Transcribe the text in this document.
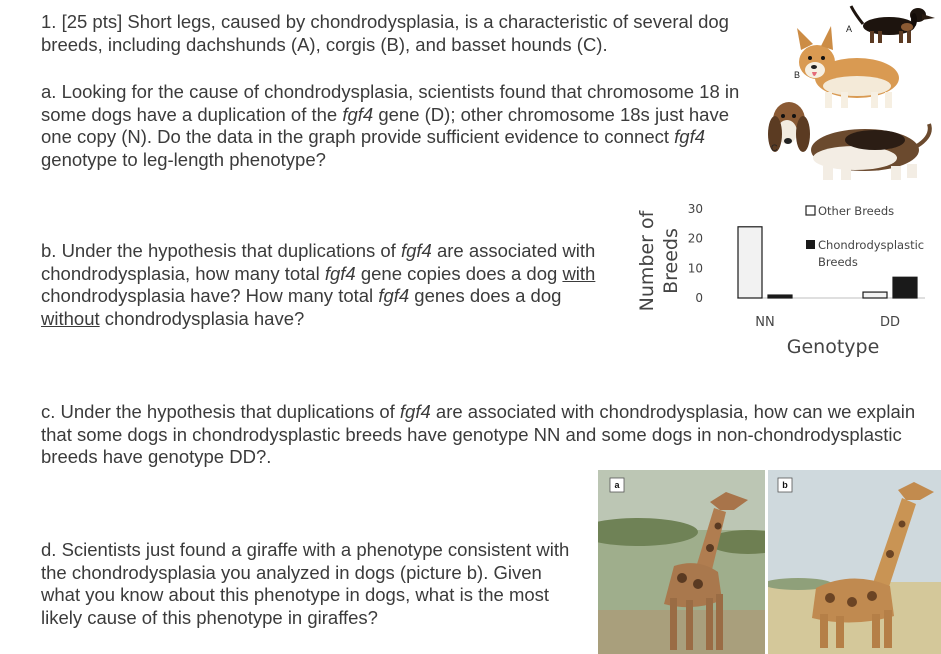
1. [25 pts] Short legs, caused by chondrodysplasia, is a characteristic of several dog breeds, including dachshunds (A), corgis (B), and basset hounds (C).

a. Looking for the cause of chondrodysplasia, scientists found that chromosome 18 in some dogs have a duplication of the fgf4 gene (D); other chromosome 18s just have one copy (N). Do the data in the graph provide sufficient evidence to connect fgf4 genotype to leg-length phenotype?

b. Under the hypothesis that duplications of fgf4 are associated with chondrodysplasia, how many total fgf4 gene copies does a dog with chondrodysplasia have? How many total fgf4 genes does a dog without chondrodysplasia have?

c. Under the hypothesis that duplications of fgf4 are associated with chondrodysplasia, how can we explain that some dogs in chondrodysplastic breeds have genotype NN and some dogs in non-chondrodysplastic breeds have genotype DD?.

d. Scientists just found a giraffe with a phenotype consistent with the chondrodysplasia you analyzed in dogs (picture b). Given what you know about this phenotype in dogs, what is the most likely cause of this phenotype in giraffes?

A
B
C
Number of Breeds
0
10
20
30
NN	DD
Genotype
Other Breeds
Chondrodysplastic
Breeds
a	b
